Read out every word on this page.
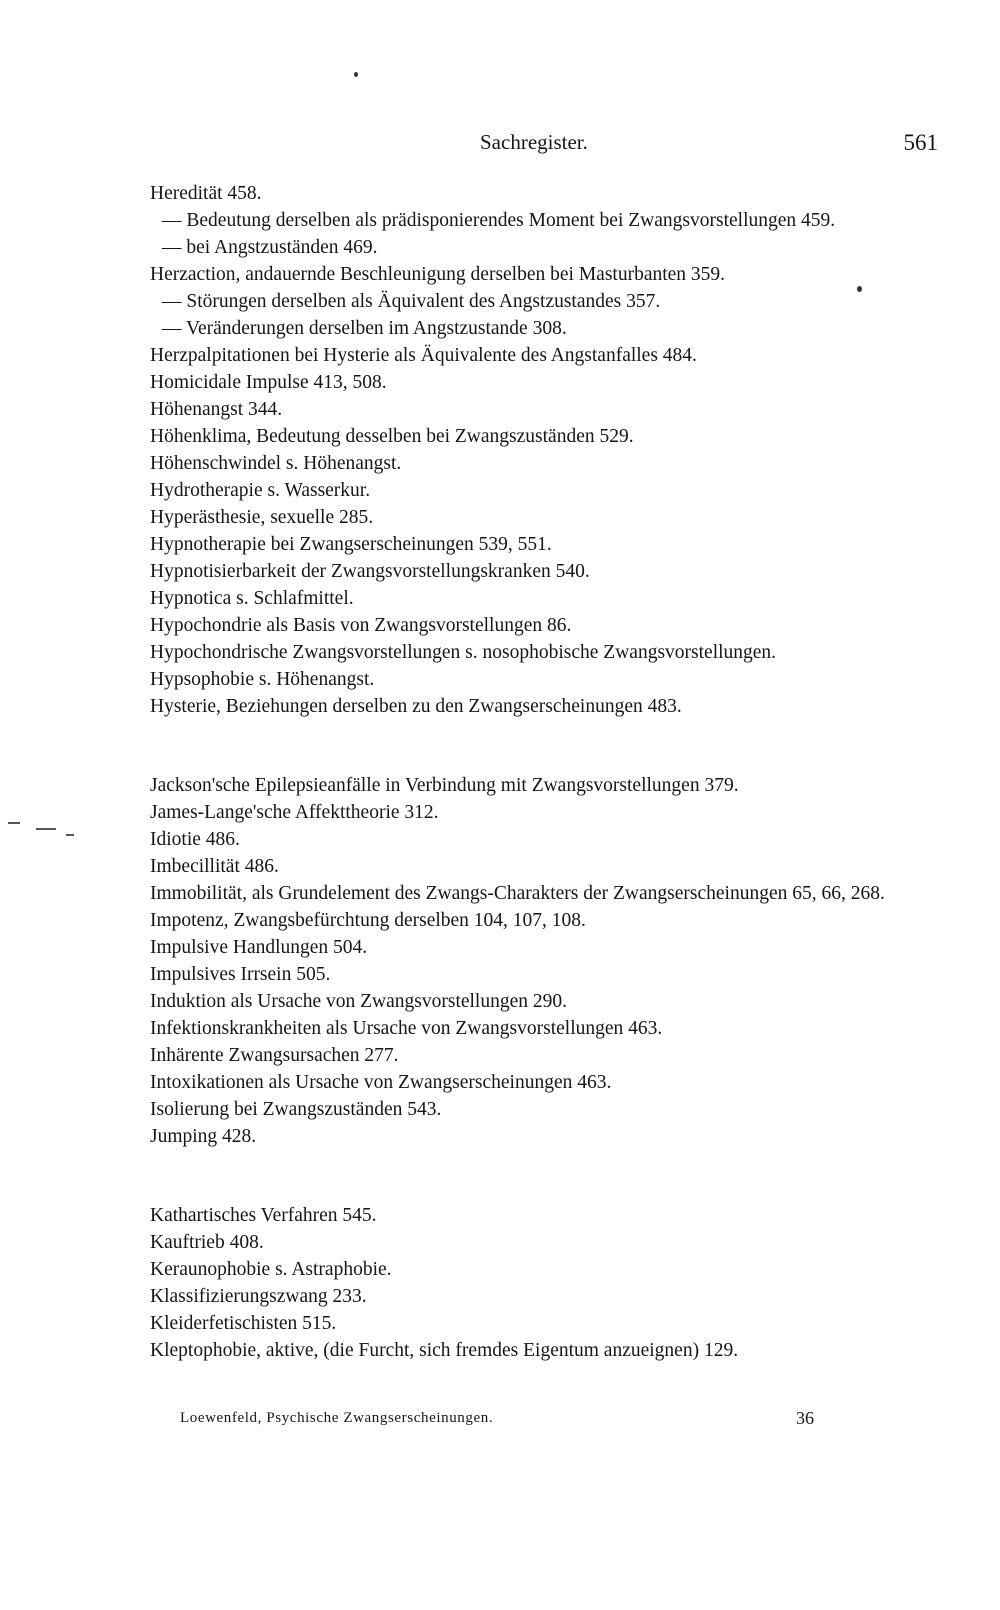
Sachregister.	561
Heredität 458.
— Bedeutung derselben als prädisponierendes Moment bei Zwangsvorstellungen 459.
— bei Angstzuständen 469.
Herzaction, andauernde Beschleunigung derselben bei Masturbanten 359.
— Störungen derselben als Äquivalent des Angstzustandes 357.
— Veränderungen derselben im Angstzustande 308.
Herzpalpitationen bei Hysterie als Äquivalente des Angstanfalles 484.
Homicidale Impulse 413, 508.
Höhenangst 344.
Höhenklima, Bedeutung desselben bei Zwangszuständen 529.
Höhenschwindel s. Höhenangst.
Hydrotherapie s. Wasserkur.
Hyperästhesie, sexuelle 285.
Hypnotherapie bei Zwangserscheinungen 539, 551.
Hypnotisierbarkeit der Zwangsvorstellungskranken 540.
Hypnotica s. Schlafmittel.
Hypochondrie als Basis von Zwangsvorstellungen 86.
Hypochondrische Zwangsvorstellungen s. nosophobische Zwangsvorstellungen.
Hypsophobie s. Höhenangst.
Hysterie, Beziehungen derselben zu den Zwangserscheinungen 483.
Jackson'sche Epilepsieanfälle in Verbindung mit Zwangsvorstellungen 379.
James-Lange'sche Affekttheorie 312.
Idiotie 486.
Imbecillität 486.
Immobilität, als Grundelement des Zwangs-Charakters der Zwangserscheinungen 65, 66, 268.
Impotenz, Zwangsbefürchtung derselben 104, 107, 108.
Impulsive Handlungen 504.
Impulsives Irrsein 505.
Induktion als Ursache von Zwangsvorstellungen 290.
Infektionskrankheiten als Ursache von Zwangsvorstellungen 463.
Inhärente Zwangsursachen 277.
Intoxikationen als Ursache von Zwangserscheinungen 463.
Isolierung bei Zwangszuständen 543.
Jumping 428.
Kathartisches Verfahren 545.
Kauftrieb 408.
Keraunophobie s. Astraphobie.
Klassifizierungszwang 233.
Kleiderfetischisten 515.
Kleptophobie, aktive, (die Furcht, sich fremdes Eigentum anzueignen) 129.
Loewenfeld, Psychische Zwangserscheinungen.	36
